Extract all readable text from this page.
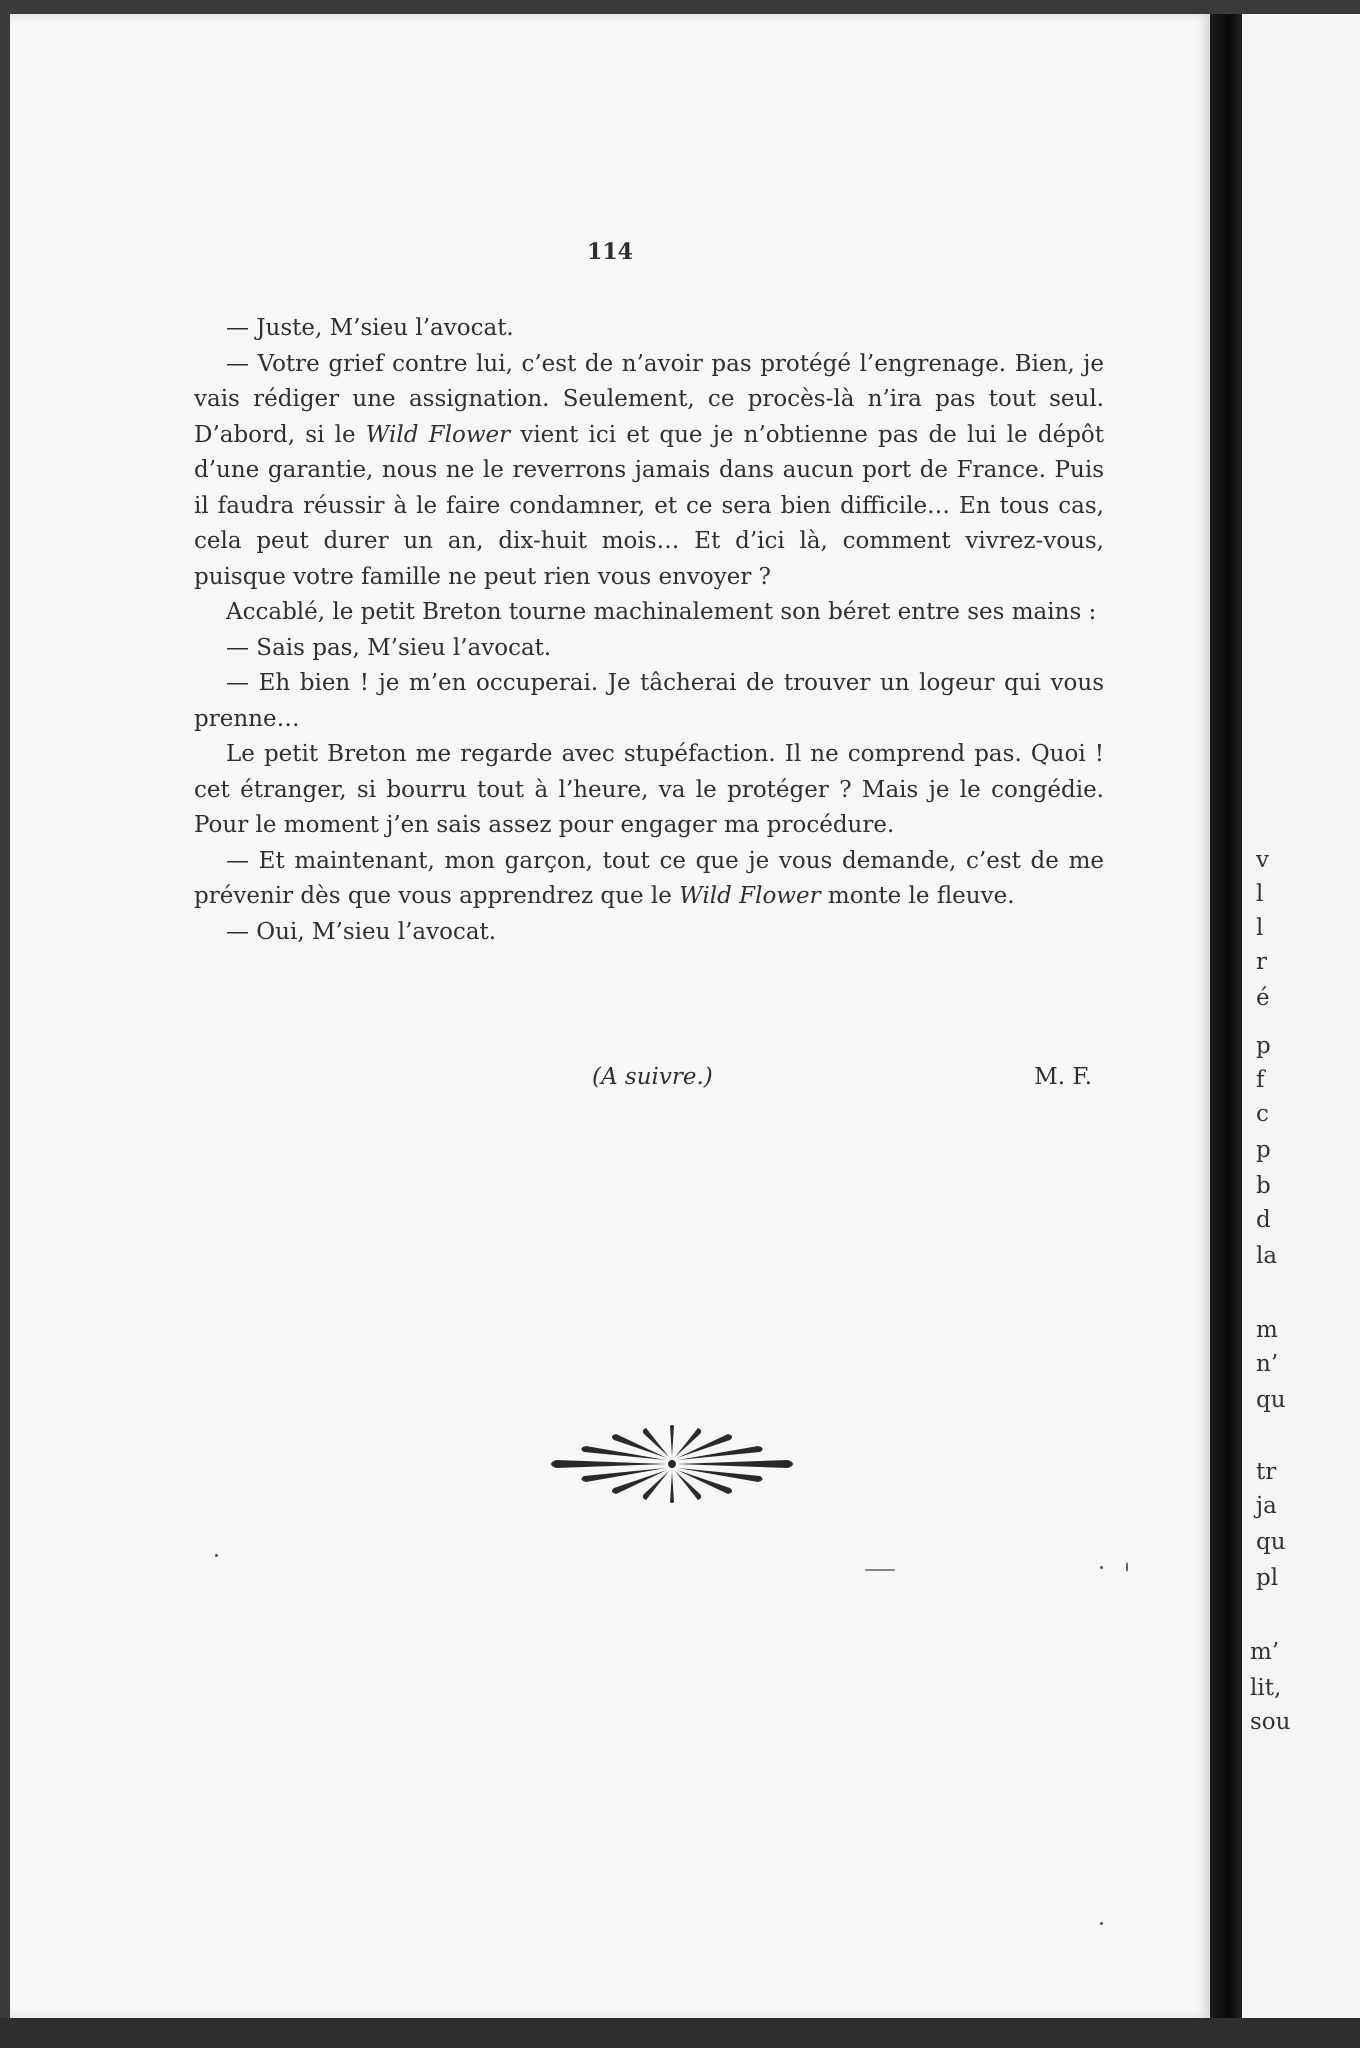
114

— Juste, M’sieu l’avocat.

— Votre grief contre lui, c’est de n’avoir pas protégé l’engrenage. Bien, je vais rédiger une assignation. Seulement, ce procès-là n’ira pas tout seul. D’abord, si le Wild Flower vient ici et que je n’obtienne pas de lui le dépôt d’une garantie, nous ne le reverrons jamais dans aucun port de France. Puis il faudra réussir à le faire condamner, et ce sera bien difficile… En tous cas, cela peut durer un an, dix-huit mois… Et d’ici là, comment vivrez-vous, puisque votre famille ne peut rien vous envoyer ?

Accablé, le petit Breton tourne machinalement son béret entre ses mains :

— Sais pas, M’sieu l’avocat.

— Eh bien ! je m’en occuperai. Je tâcherai de trouver un logeur qui vous prenne…

Le petit Breton me regarde avec stupéfaction. Il ne comprend pas. Quoi ! cet étranger, si bourru tout à l’heure, va le protéger ? Mais je le congédie. Pour le moment j’en sais assez pour engager ma procédure.

— Et maintenant, mon garçon, tout ce que je vous demande, c’est de me prévenir dès que vous apprendrez que le Wild Flower monte le fleuve.

— Oui, M’sieu l’avocat.

(A suivre.)	M. F.
v
l
l
r
é
p
f
c
p
b
d
la
m
n’
qu
tr
ja
qu
pl
m’
lit,
sou
